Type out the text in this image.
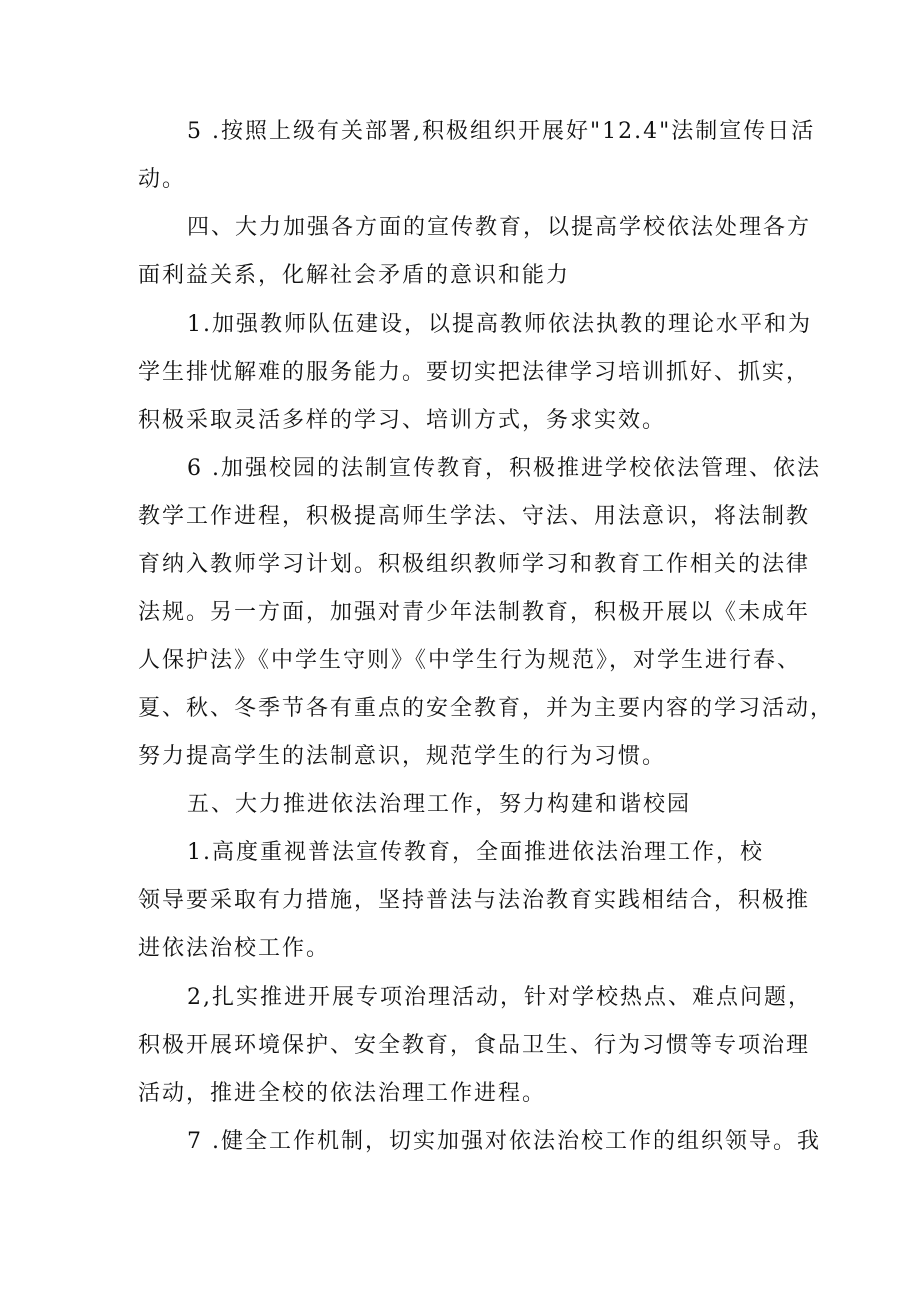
5 .按照上级有关部署,积极组织开展好"12.4"法制宣传日活
动。
四、大力加强各方面的宣传教育，以提高学校依法处理各方
面利益关系，化解社会矛盾的意识和能力
1.加强教师队伍建设，以提高教师依法执教的理论水平和为
学生排忧解难的服务能力。要切实把法律学习培训抓好、抓实，
积极采取灵活多样的学习、培训方式，务求实效。
6 .加强校园的法制宣传教育，积极推进学校依法管理、依法
教学工作进程，积极提高师生学法、守法、用法意识，将法制教
育纳入教师学习计划。积极组织教师学习和教育工作相关的法律
法规。另一方面，加强对青少年法制教育，积极开展以《未成年
人保护法》《中学生守则》《中学生行为规范》，对学生进行春、
夏、秋、冬季节各有重点的安全教育，并为主要内容的学习活动，
努力提高学生的法制意识，规范学生的行为习惯。
五、大力推进依法治理工作，努力构建和谐校园
1.高度重视普法宣传教育，全面推进依法治理工作，校
领导要采取有力措施，坚持普法与法治教育实践相结合，积极推
进依法治校工作。
2,扎实推进开展专项治理活动，针对学校热点、难点问题，
积极开展环境保护、安全教育，食品卫生、行为习惯等专项治理
活动，推进全校的依法治理工作进程。
7 .健全工作机制，切实加强对依法治校工作的组织领导。我
